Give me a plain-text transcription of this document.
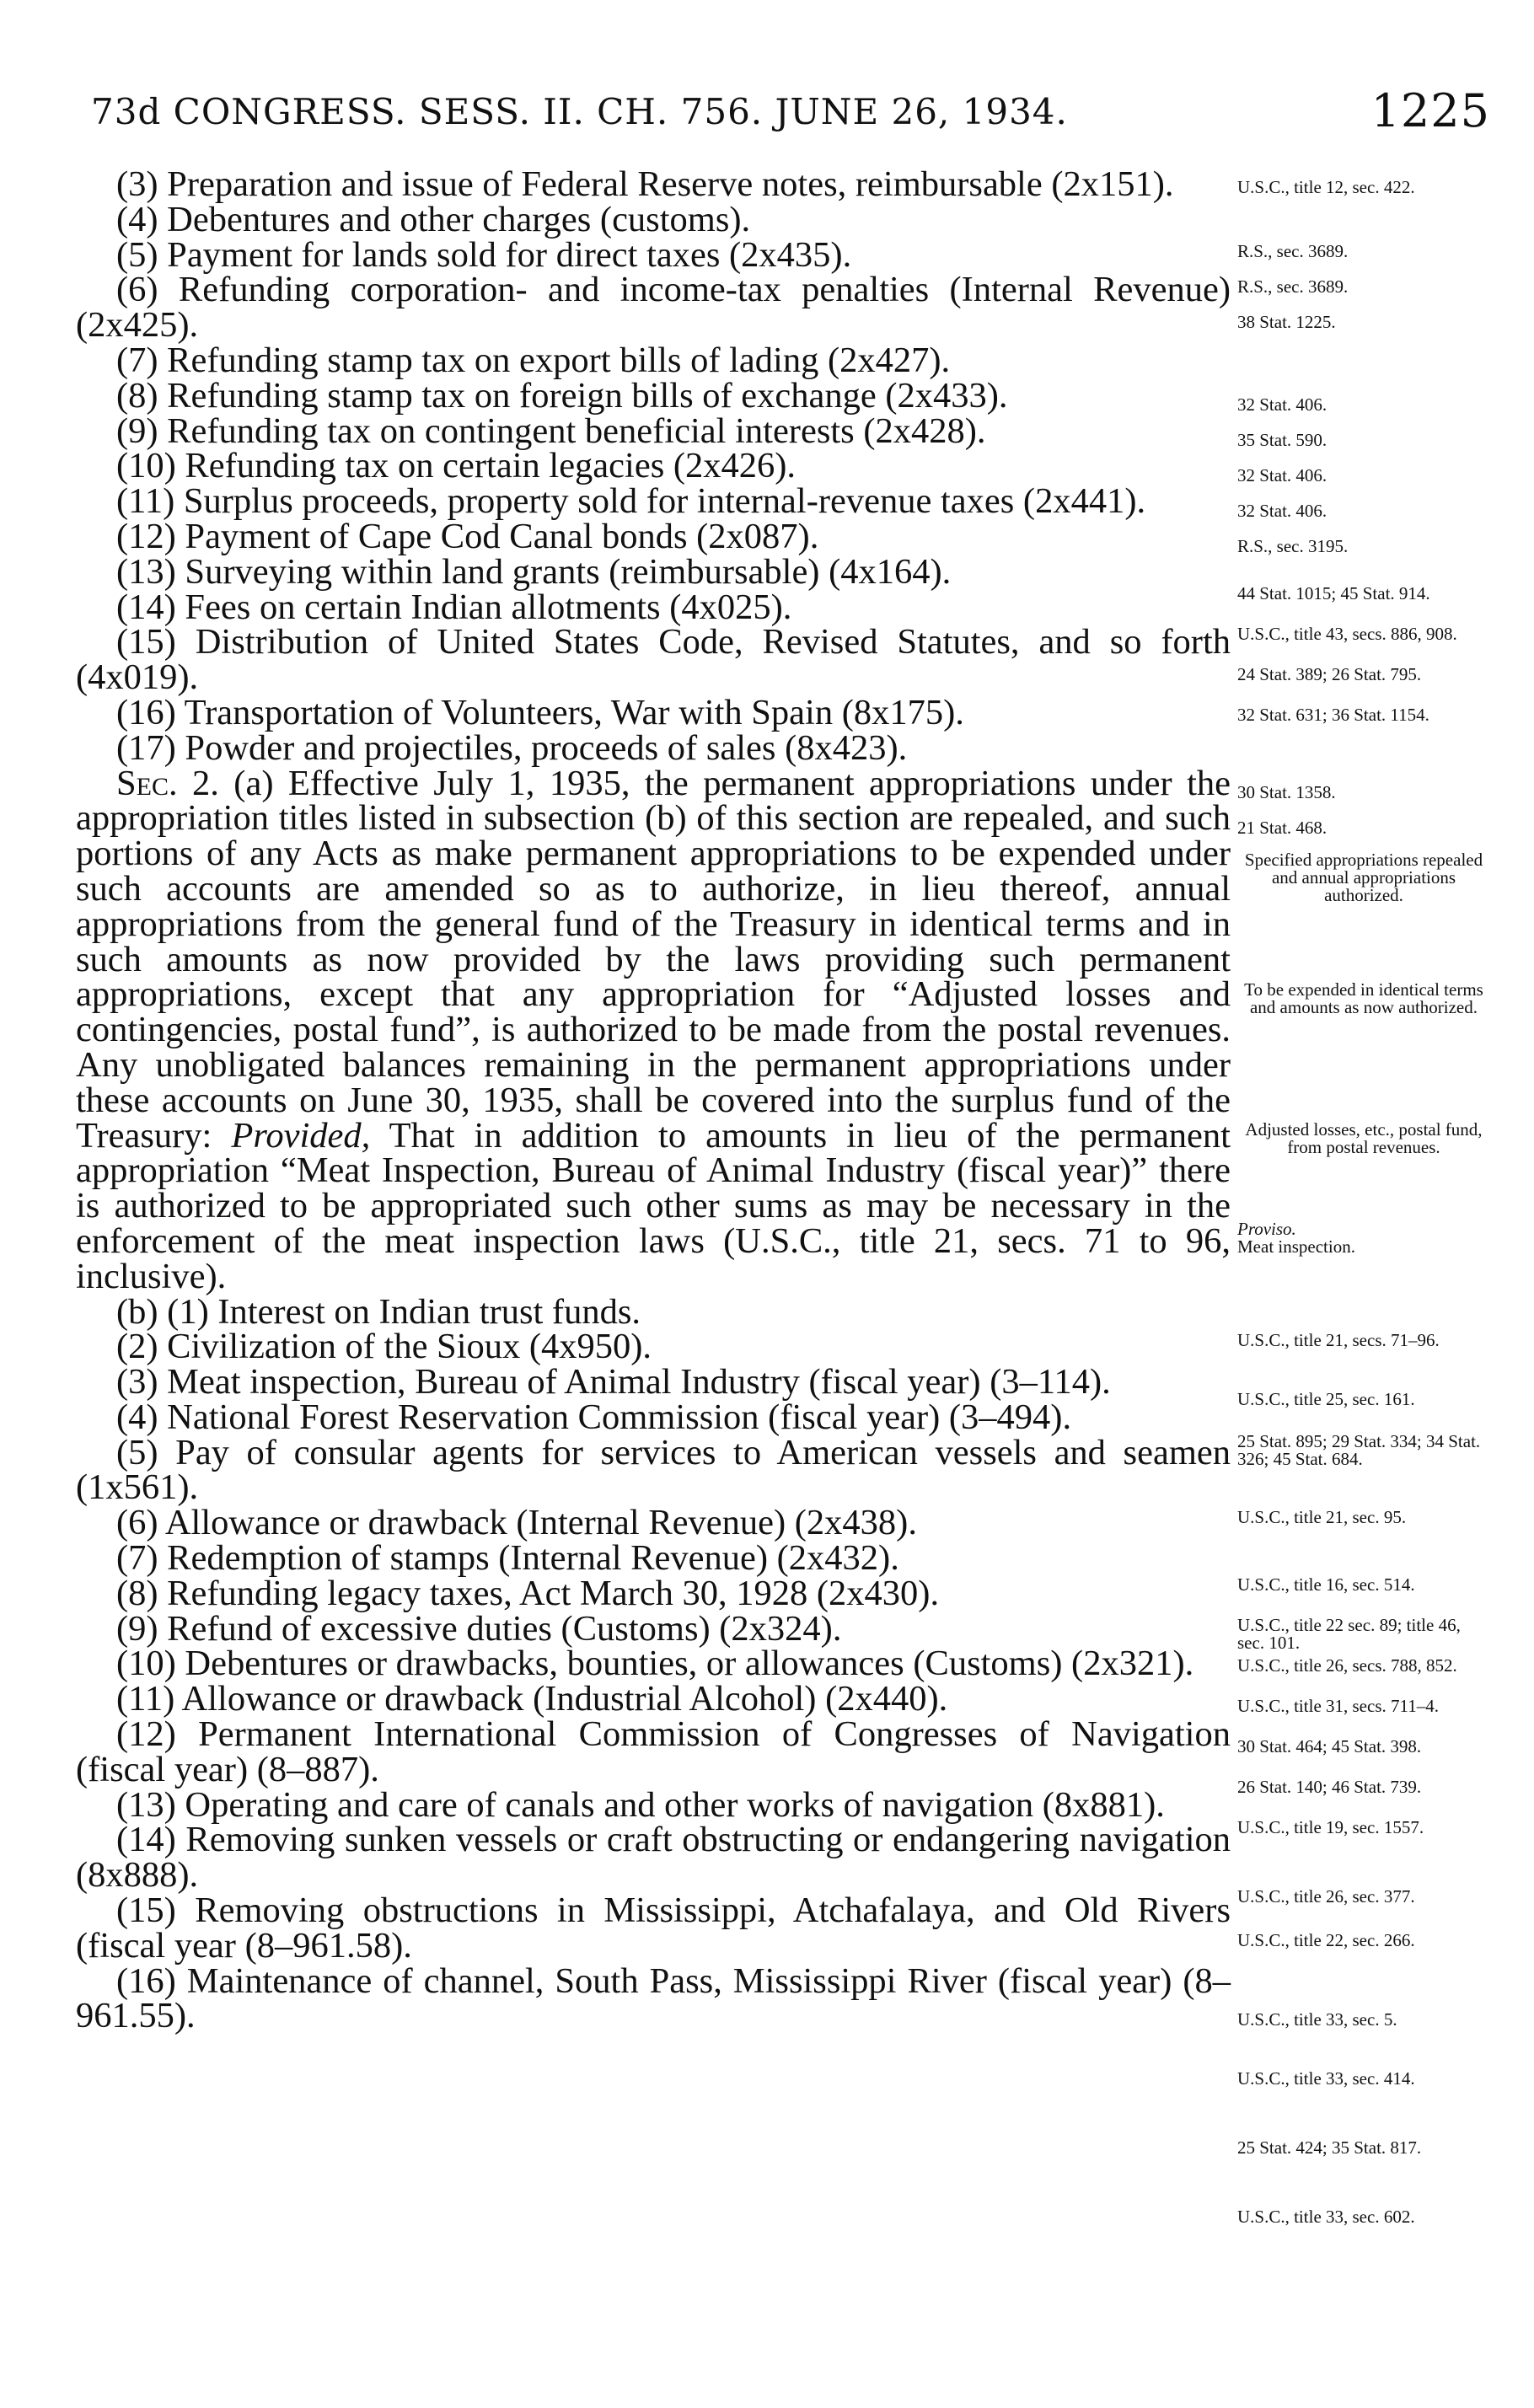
73d CONGRESS. SESS. II. CH. 756. JUNE 26, 1934.	1225

(3) Preparation and issue of Federal Reserve notes, reimbursable (2x151).

(4) Debentures and other charges (customs).

(5) Payment for lands sold for direct taxes (2x435).

(6) Refunding corporation- and income-tax penalties (Internal Revenue) (2x425).

(7) Refunding stamp tax on export bills of lading (2x427).

(8) Refunding stamp tax on foreign bills of exchange (2x433).

(9) Refunding tax on contingent beneficial interests (2x428).

(10) Refunding tax on certain legacies (2x426).

(11) Surplus proceeds, property sold for internal-revenue taxes (2x441).

(12) Payment of Cape Cod Canal bonds (2x087).

(13) Surveying within land grants (reimbursable) (4x164).

(14) Fees on certain Indian allotments (4x025).

(15) Distribution of United States Code, Revised Statutes, and so forth (4x019).

(16) Transportation of Volunteers, War with Spain (8x175).

(17) Powder and projectiles, proceeds of sales (8x423).

Sec. 2. (a) Effective July 1, 1935, the permanent appropriations under the appropriation titles listed in subsection (b) of this section are repealed, and such portions of any Acts as make permanent appropriations to be expended under such accounts are amended so as to authorize, in lieu thereof, annual appropriations from the general fund of the Treasury in identical terms and in such amounts as now provided by the laws providing such permanent appropriations, except that any appropriation for “Adjusted losses and contingencies, postal fund”, is authorized to be made from the postal revenues. Any unobligated balances remaining in the permanent appropriations under these accounts on June 30, 1935, shall be covered into the surplus fund of the Treasury: Provided, That in addition to amounts in lieu of the permanent appropriation “Meat Inspection, Bureau of Animal Industry (fiscal year)” there is authorized to be appropriated such other sums as may be necessary in the enforcement of the meat inspection laws (U.S.C., title 21, secs. 71 to 96, inclusive).

(b) (1) Interest on Indian trust funds.

(2) Civilization of the Sioux (4x950).

(3) Meat inspection, Bureau of Animal Industry (fiscal year) (3–114).

(4) National Forest Reservation Commission (fiscal year) (3–494).

(5) Pay of consular agents for services to American vessels and seamen (1x561).

(6) Allowance or drawback (Internal Revenue) (2x438).

(7) Redemption of stamps (Internal Revenue) (2x432).

(8) Refunding legacy taxes, Act March 30, 1928 (2x430).

(9) Refund of excessive duties (Customs) (2x324).

(10) Debentures or drawbacks, bounties, or allowances (Customs) (2x321).

(11) Allowance or drawback (Industrial Alcohol) (2x440).

(12) Permanent International Commission of Congresses of Navigation (fiscal year) (8–887).

(13) Operating and care of canals and other works of navigation (8x881).

(14) Removing sunken vessels or craft obstructing or endangering navigation (8x888).

(15) Removing obstructions in Mississippi, Atchafalaya, and Old Rivers (fiscal year (8–961.58).

(16) Maintenance of channel, South Pass, Mississippi River (fiscal year) (8–961.55).

U.S.C., title 12, sec. 422.
R.S., sec. 3689.
R.S., sec. 3689.
38 Stat. 1225.
32 Stat. 406.
35 Stat. 590.
32 Stat. 406.
32 Stat. 406.
R.S., sec. 3195.
44 Stat. 1015; 45 Stat. 914.
U.S.C., title 43, secs. 886, 908.
24 Stat. 389; 26 Stat. 795.
32 Stat. 631; 36 Stat. 1154.
30 Stat. 1358.
21 Stat. 468.
Specified appropriations repealed and annual appropriations authorized.
To be expended in identical terms and amounts as now authorized.
Adjusted losses, etc., postal fund, from postal revenues.
Proviso.
Meat inspection.
U.S.C., title 21, secs. 71–96.
U.S.C., title 25, sec. 161.
25 Stat. 895; 29 Stat. 334; 34 Stat. 326; 45 Stat. 684.
U.S.C., title 21, sec. 95.
U.S.C., title 16, sec. 514.
U.S.C., title 22 sec. 89; title 46, sec. 101.
U.S.C., title 26, secs. 788, 852.
U.S.C., title 31, secs. 711–4.
30 Stat. 464; 45 Stat. 398.
26 Stat. 140; 46 Stat. 739.
U.S.C., title 19, sec. 1557.
U.S.C., title 26, sec. 377.
U.S.C., title 22, sec. 266.
U.S.C., title 33, sec. 5.
U.S.C., title 33, sec. 414.
25 Stat. 424; 35 Stat. 817.
U.S.C., title 33, sec. 602.
